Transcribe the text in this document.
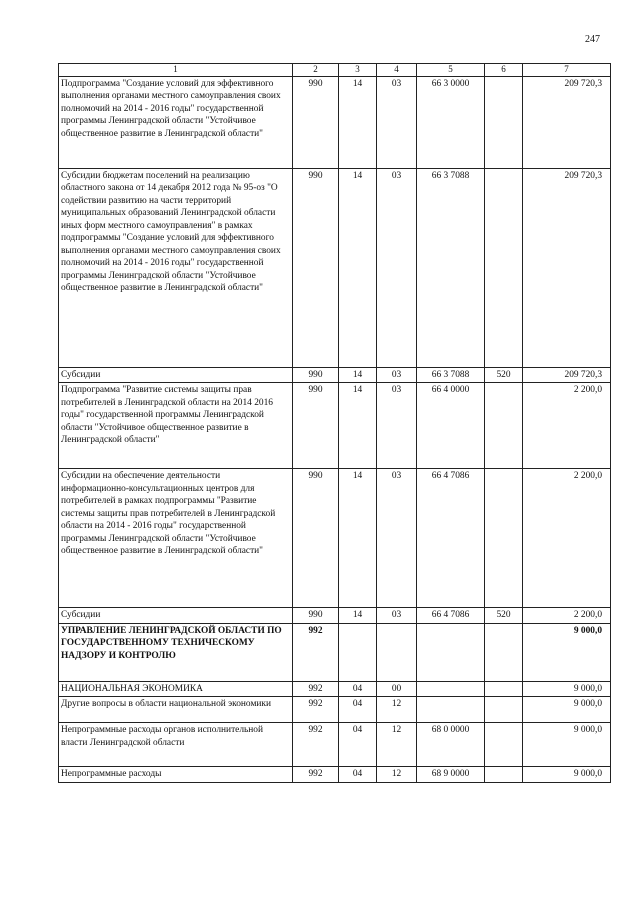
247
1	2	3	4	5	6	7
Подпрограмма "Создание условий для эффективного выполнения органами местного самоуправления своих полномочий на 2014 - 2016 годы" государственной программы Ленинградской области "Устойчивое общественное развитие в Ленинградской области"	990	14	03	66 3 0000		209 720,3
Субсидии бюджетам поселений на реализацию областного закона от 14 декабря 2012 года № 95-оз "О содействии развитию на части территорий муниципальных образований Ленинградской области иных форм местного самоуправления" в рамках подпрограммы "Создание условий для эффективного выполнения органами местного самоуправления своих полномочий на 2014 - 2016 годы" государственной программы Ленинградской области "Устойчивое общественное развитие в Ленинградской области"	990	14	03	66 3 7088		209 720,3
Субсидии	990	14	03	66 3 7088	520	209 720,3
Подпрограмма "Развитие системы защиты прав потребителей в Ленинградской области на 2014 2016 годы" государственной программы Ленинградской области "Устойчивое общественное развитие в Ленинградской области"	990	14	03	66 4 0000		2 200,0
Субсидии на обеспечение деятельности информационно-консультационных центров для потребителей в рамках подпрограммы "Развитие системы защиты прав потребителей в Ленинградской области на 2014 - 2016 годы" государственной программы Ленинградской области "Устойчивое общественное развитие в Ленинградской области"	990	14	03	66 4 7086		2 200,0
Субсидии	990	14	03	66 4 7086	520	2 200,0
УПРАВЛЕНИЕ ЛЕНИНГРАДСКОЙ ОБЛАСТИ ПО ГОСУДАРСТВЕННОМУ ТЕХНИЧЕСКОМУ НАДЗОРУ И КОНТРОЛЮ	992					9 000,0
НАЦИОНАЛЬНАЯ ЭКОНОМИКА	992	04	00			9 000,0
Другие вопросы в области национальной экономики	992	04	12			9 000,0
Непрограммные расходы органов исполнительной власти Ленинградской области	992	04	12	68 0 0000		9 000,0
Непрограммные расходы	992	04	12	68 9 0000		9 000,0
